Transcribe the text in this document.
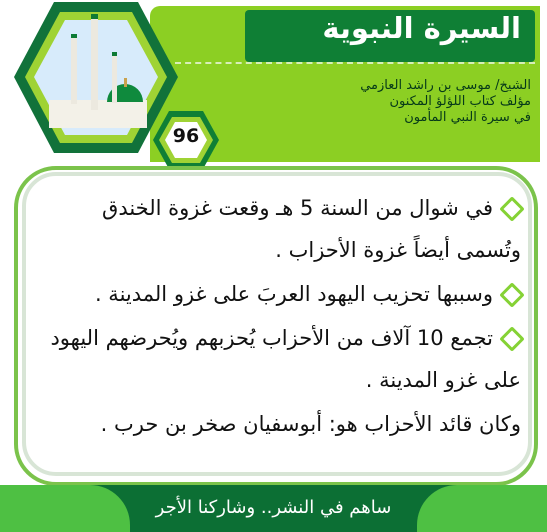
السيرة النبوية
الشيخ/ موسى بن راشد العازمي
مؤلف كتاب اللؤلؤ المكنون
في سيرة النبي المأمون
96
في شوال من السنة 5 هـ وقعت غزوة الخندق
وتُسمى أيضاً غزوة الأحزاب .
وسببها تحزيب اليهود العربَ على غزو المدينة .
تجمع 10 آلاف من الأحزاب يُحزبهم ويُحرضهم اليهود
على غزو المدينة .
وكان قائد الأحزاب هو: أبوسفيان صخر بن حرب .
ساهم في النشر.. وشاركنا الأجر
